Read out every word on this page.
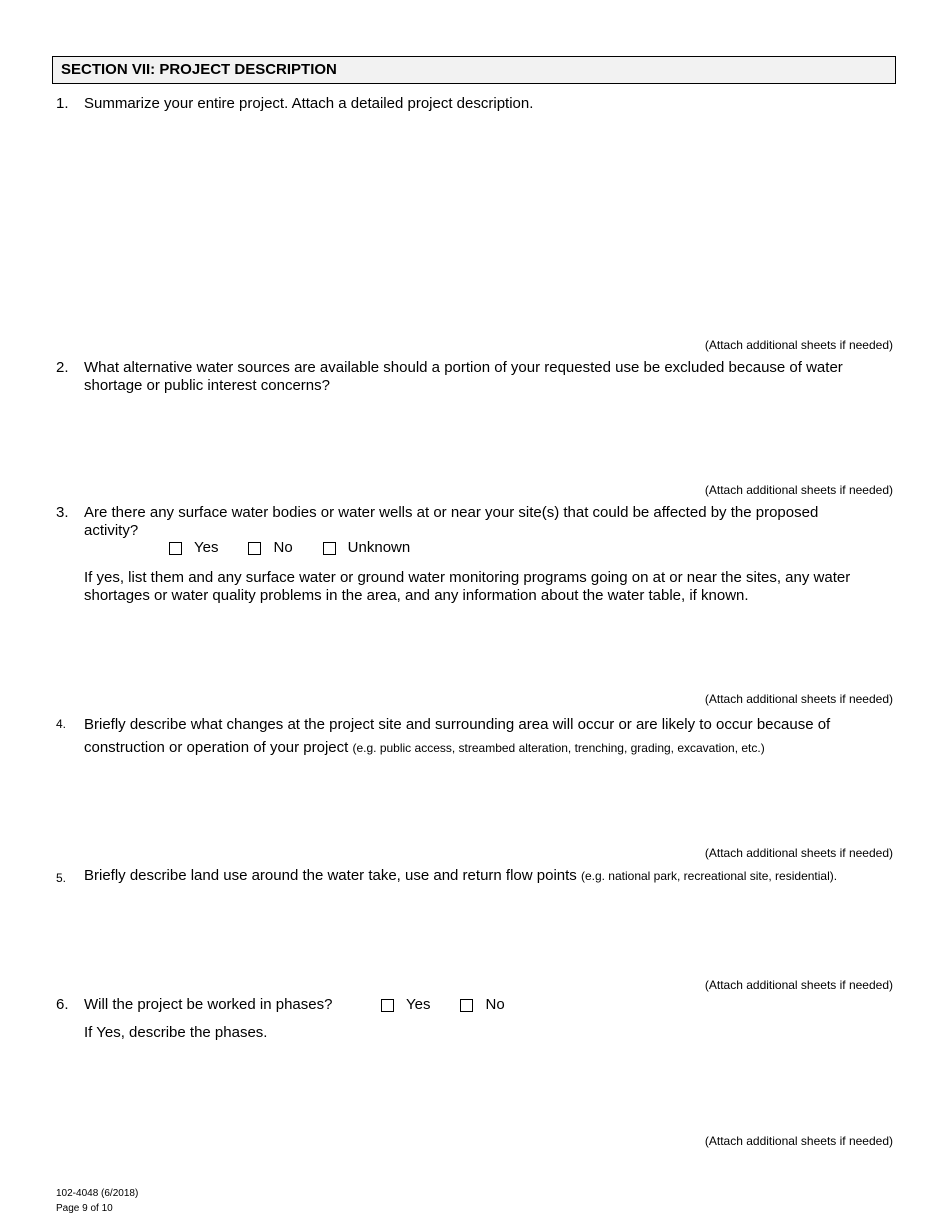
SECTION VII: PROJECT DESCRIPTION
1. Summarize your entire project. Attach a detailed project description.
(Attach additional sheets if needed)
2. What alternative water sources are available should a portion of your requested use be excluded because of water shortage or public interest concerns?
(Attach additional sheets if needed)
3. Are there any surface water bodies or water wells at or near your site(s) that could be affected by the proposed activity?
Yes	No	Unknown
If yes, list them and any surface water or ground water monitoring programs going on at or near the sites, any water shortages or water quality problems in the area, and any information about the water table, if known.
(Attach additional sheets if needed)
4. Briefly describe what changes at the project site and surrounding area will occur or are likely to occur because of construction or operation of your project (e.g. public access, streambed alteration, trenching, grading, excavation, etc.)
(Attach additional sheets if needed)
5. Briefly describe land use around the water take, use and return flow points (e.g. national park, recreational site, residential).
(Attach additional sheets if needed)
6. Will the project be worked in phases?	Yes	No
If Yes, describe the phases.
(Attach additional sheets if needed)
102-4048 (6/2018)
Page 9 of 10
